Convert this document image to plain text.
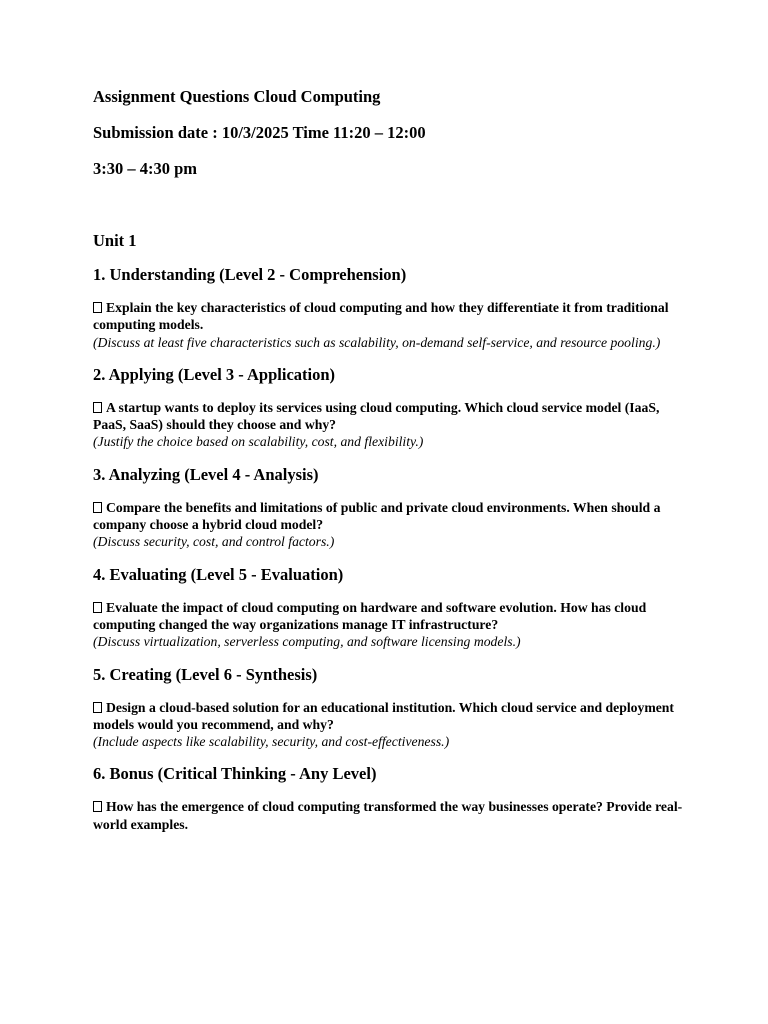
Assignment Questions Cloud Computing

Submission date : 10/3/2025 Time 11:20 – 12:00

3:30 – 4:30 pm

Unit 1

1. Understanding (Level 2 - Comprehension)

Explain the key characteristics of cloud computing and how they differentiate it from traditional computing models.

(Discuss at least five characteristics such as scalability, on-demand self-service, and resource pooling.)

2. Applying (Level 3 - Application)

A startup wants to deploy its services using cloud computing. Which cloud service model (IaaS, PaaS, SaaS) should they choose and why?

(Justify the choice based on scalability, cost, and flexibility.)

3. Analyzing (Level 4 - Analysis)

Compare the benefits and limitations of public and private cloud environments. When should a company choose a hybrid cloud model?

(Discuss security, cost, and control factors.)

4. Evaluating (Level 5 - Evaluation)

Evaluate the impact of cloud computing on hardware and software evolution. How has cloud computing changed the way organizations manage IT infrastructure?

(Discuss virtualization, serverless computing, and software licensing models.)

5. Creating (Level 6 - Synthesis)

Design a cloud-based solution for an educational institution. Which cloud service and deployment models would you recommend, and why?

(Include aspects like scalability, security, and cost-effectiveness.)

6. Bonus (Critical Thinking - Any Level)

How has the emergence of cloud computing transformed the way businesses operate? Provide real-world examples.
